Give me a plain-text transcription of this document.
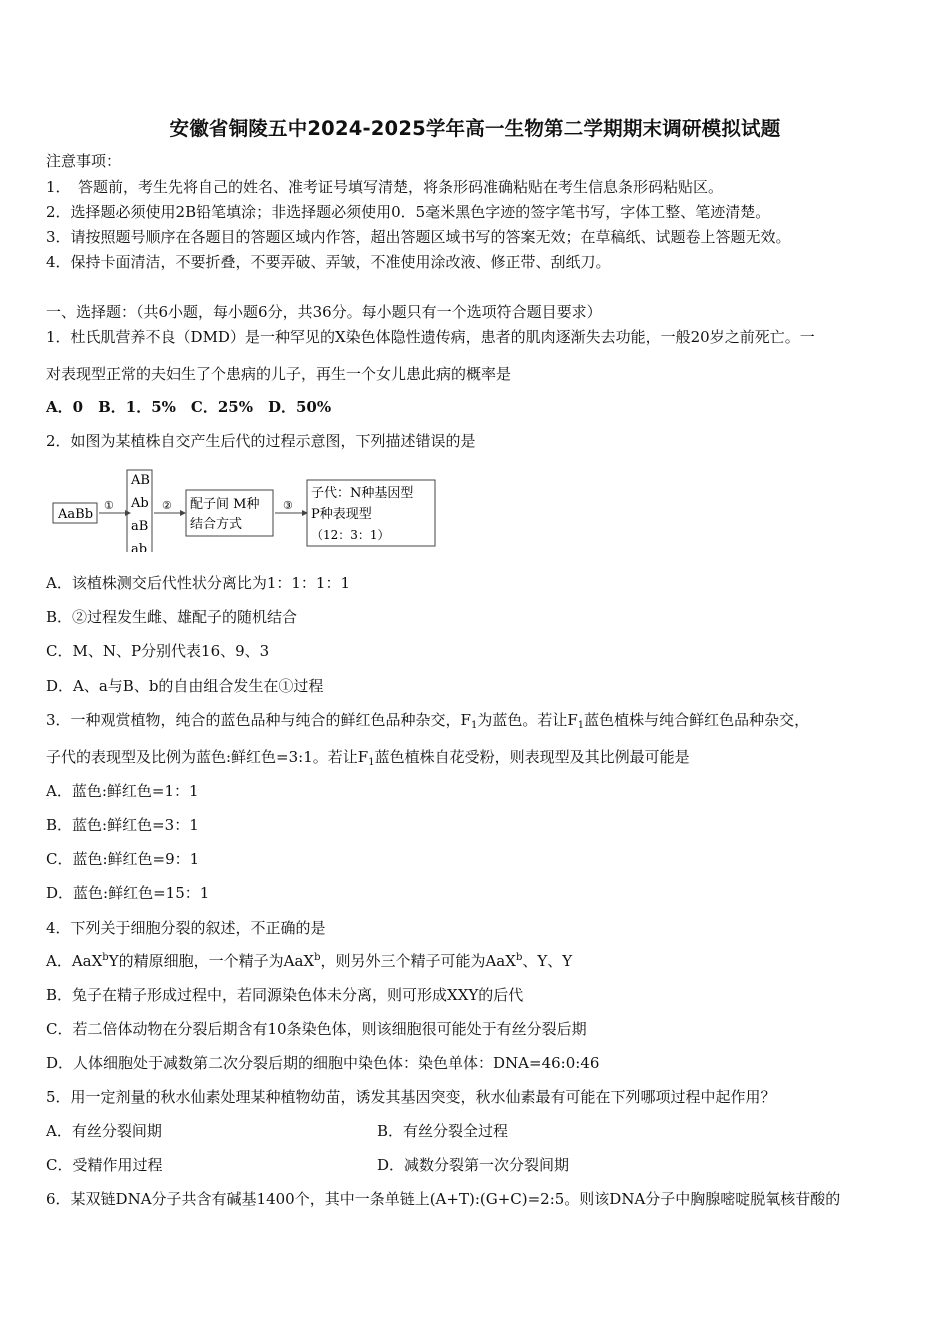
安徽省铜陵五中2024-2025学年高一生物第二学期期末调研模拟试题
注意事项：
1．　答题前，考生先将自己的姓名、准考证号填写清楚，将条形码准确粘贴在考生信息条形码粘贴区。
2．选择题必须使用2B铅笔填涂；非选择题必须使用0．5毫米黑色字迹的签字笔书写，字体工整、笔迹清楚。
3．请按照题号顺序在各题目的答题区域内作答，超出答题区域书写的答案无效；在草稿纸、试题卷上答题无效。
4．保持卡面清洁，不要折叠，不要弄破、弄皱，不准使用涂改液、修正带、刮纸刀。
一、选择题：（共6小题，每小题6分，共36分。每小题只有一个选项符合题目要求）
1．杜氏肌营养不良（DMD）是一种罕见的X染色体隐性遗传病，患者的肌肉逐渐失去功能，一般20岁之前死亡。一
对表现型正常的夫妇生了个患病的儿子，再生一个女儿患此病的概率是
A．0　B．1．5%　C．25%　D．50%
2．如图为某植株自交产生后代的过程示意图，下列描述错误的是
AaBb
①
AB
Ab
aB
ab
② 配子间 M种
结合方式
③
子代：N种基因型
P种表现型
（12：3：1）
A．该植株测交后代性状分离比为1：1：1：1
B．②过程发生雌、雄配子的随机结合
C．M、N、P分别代表16、9、3
D．A、a与B、b的自由组合发生在①过程
3．一种观赏植物，纯合的蓝色品种与纯合的鲜红色品种杂交，$F_1$为蓝色。若让$F_1$蓝色植株与纯合鲜红色品种杂交，
子代的表现型及比例为蓝色:鲜红色=3:1。若让$F_1$蓝色植株自花受粉，则表现型及其比例最可能是
A．蓝色:鲜红色=1：1
B．蓝色:鲜红色=3：1
C．蓝色:鲜红色=9：1
D．蓝色:鲜红色=15：1
4．下列关于细胞分裂的叙述，不正确的是
A．AaX$^b$Y的精原细胞，一个精子为AaX$^b$，则另外三个精子可能为AaX$^b$、Y、Y
B．兔子在精子形成过程中，若同源染色体未分离，则可形成XXY的后代
C．若二倍体动物在分裂后期含有10条染色体，则该细胞很可能处于有丝分裂后期
D．人体细胞处于减数第二次分裂后期的细胞中染色体：染色单体：DNA=46:0:46
5．用一定剂量的秋水仙素处理某种植物幼苗，诱发其基因突变，秋水仙素最有可能在下列哪项过程中起作用？
A．有丝分裂间期	B．有丝分裂全过程
C．受精作用过程	D．减数分裂第一次分裂间期
6．某双链DNA分子共含有碱基1400个，其中一条单链上(A+T):(G+C)=2:5。则该DNA分子中胸腺嘧啶脱氧核苷酸的
